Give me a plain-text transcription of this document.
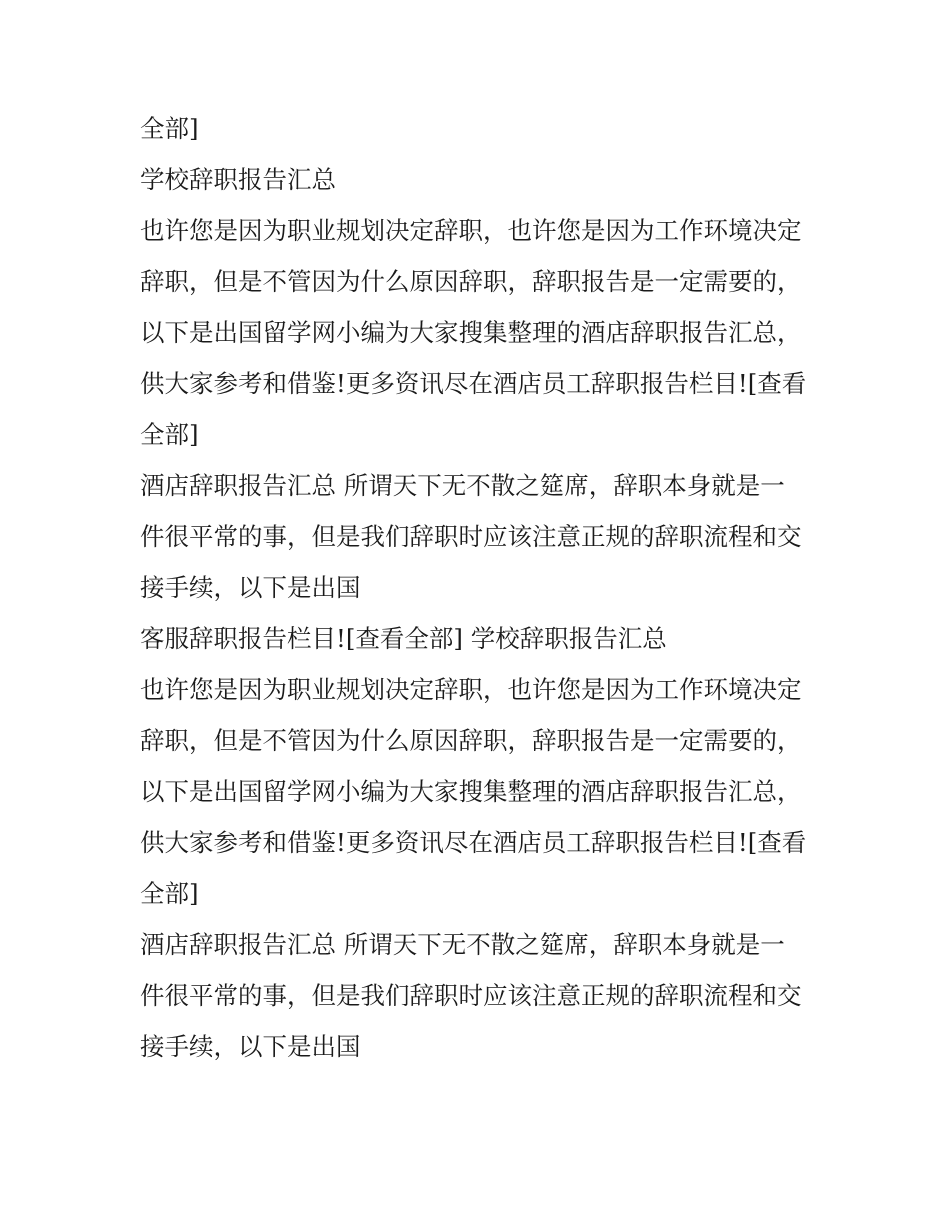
全部]
学校辞职报告汇总
也许您是因为职业规划决定辞职，也许您是因为工作环境决定
辞职，但是不管因为什么原因辞职，辞职报告是一定需要的，
以下是出国留学网小编为大家搜集整理的酒店辞职报告汇总，
供大家参考和借鉴!更多资讯尽在酒店员工辞职报告栏目![查看
全部]
酒店辞职报告汇总 所谓天下无不散之筵席，辞职本身就是一
件很平常的事，但是我们辞职时应该注意正规的辞职流程和交
接手续，以下是出国
客服辞职报告栏目![查看全部] 学校辞职报告汇总
也许您是因为职业规划决定辞职，也许您是因为工作环境决定
辞职，但是不管因为什么原因辞职，辞职报告是一定需要的，
以下是出国留学网小编为大家搜集整理的酒店辞职报告汇总，
供大家参考和借鉴!更多资讯尽在酒店员工辞职报告栏目![查看
全部]
酒店辞职报告汇总 所谓天下无不散之筵席，辞职本身就是一
件很平常的事，但是我们辞职时应该注意正规的辞职流程和交
接手续，以下是出国
